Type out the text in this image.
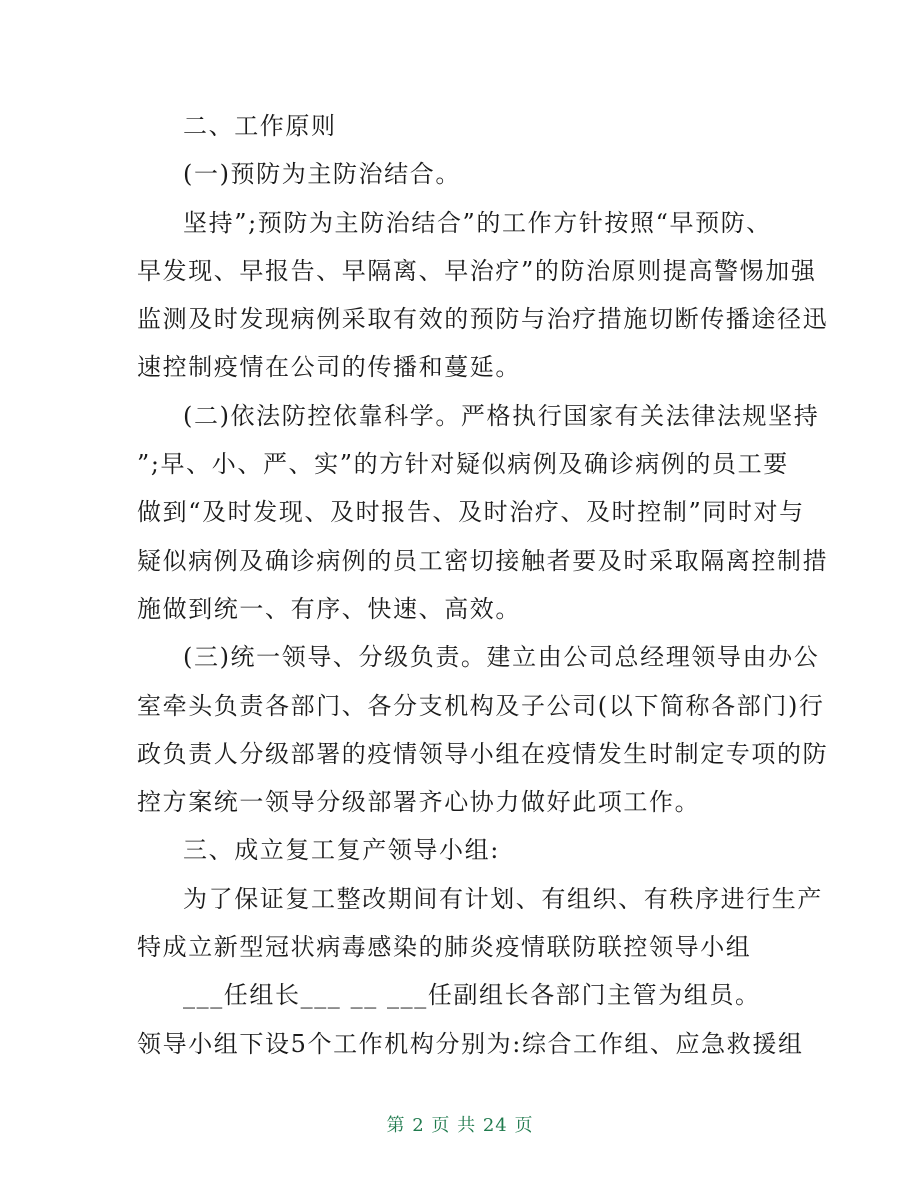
二、工作原则
(一)预防为主防治结合。
坚持”;预防为主防治结合”的工作方针按照“早预防、
早发现、早报告、早隔离、早治疗”的防治原则提高警惕加强
监测及时发现病例采取有效的预防与治疗措施切断传播途径迅
速控制疫情在公司的传播和蔓延。
(二)依法防控依靠科学。严格执行国家有关法律法规坚持
”;早、小、严、实”的方针对疑似病例及确诊病例的员工要
做到“及时发现、及时报告、及时治疗、及时控制”同时对与
疑似病例及确诊病例的员工密切接触者要及时采取隔离控制措
施做到统一、有序、快速、高效。
(三)统一领导、分级负责。建立由公司总经理领导由办公
室牵头负责各部门、各分支机构及子公司(以下简称各部门)行
政负责人分级部署的疫情领导小组在疫情发生时制定专项的防
控方案统一领导分级部署齐心协力做好此项工作。
三、成立复工复产领导小组:
为了保证复工整改期间有计划、有组织、有秩序进行生产
特成立新型冠状病毒感染的肺炎疫情联防联控领导小组
___任组长___ __ ___任副组长各部门主管为组员。
领导小组下设5个工作机构分别为:综合工作组、应急救援组
第 2 页 共 24 页
